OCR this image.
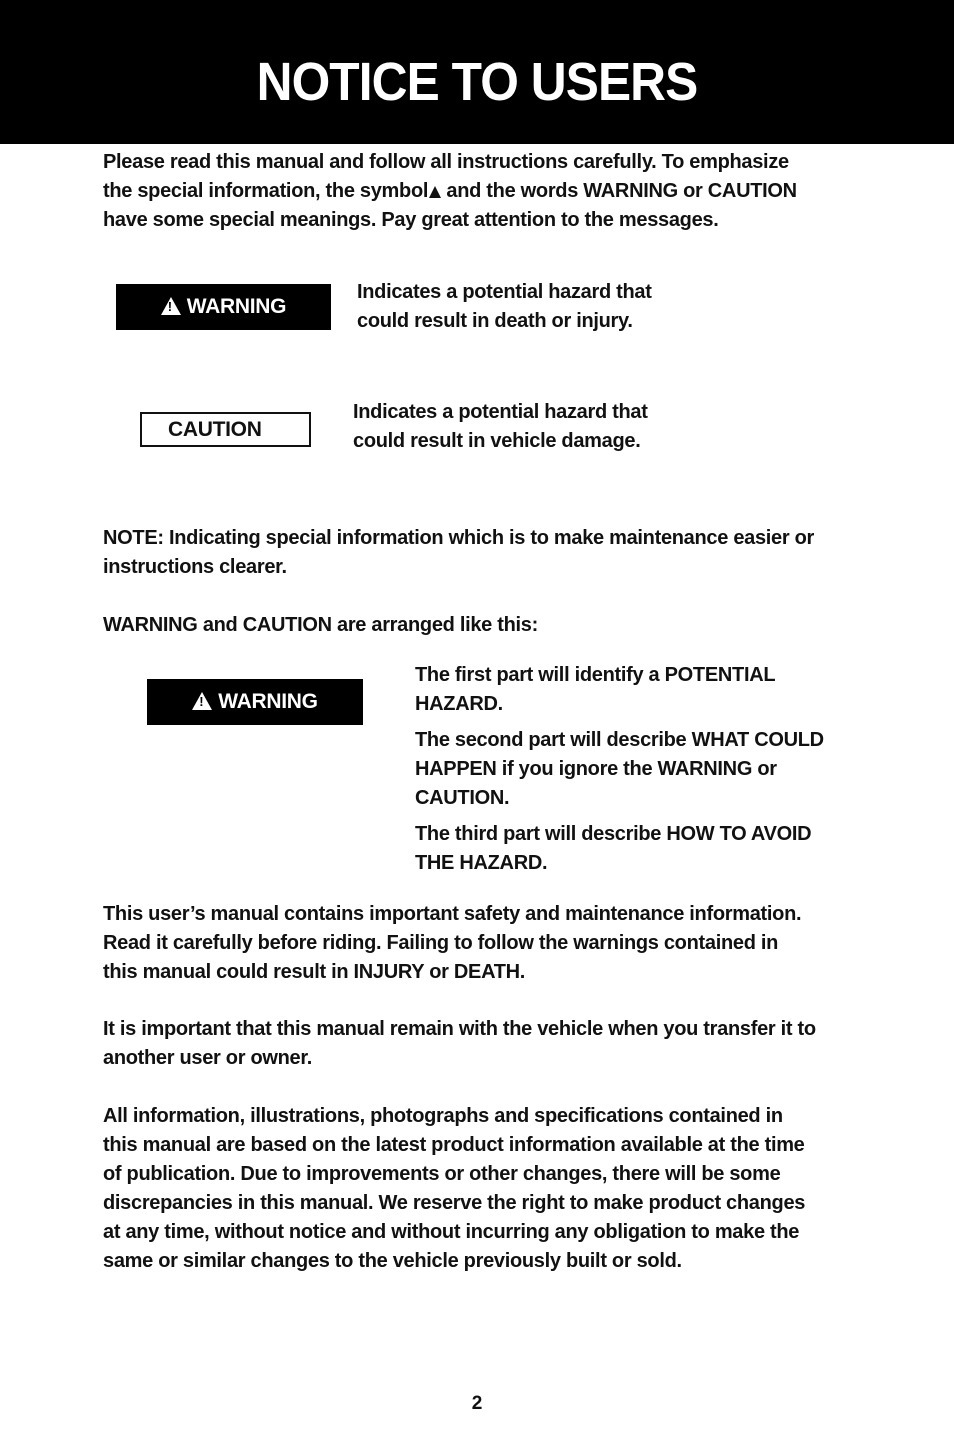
NOTICE TO USERS
Please read this manual and follow all instructions carefully. To emphasize
the special information, the symbol and the words WARNING or CAUTION
have some special meanings. Pay great attention to the messages.
!WARNING
Indicates a potential hazard that
could result in death or injury.
CAUTION
Indicates a potential hazard that
could result in vehicle damage.
NOTE: Indicating special information which is to make maintenance easier or
instructions clearer.
WARNING and CAUTION are arranged like this:
!WARNING
The first part will identify a POTENTIAL
HAZARD.
The second part will describe WHAT COULD
HAPPEN if you ignore the WARNING or
CAUTION.
The third part will describe HOW TO AVOID
THE HAZARD.
This user’s manual contains important safety and maintenance information.
Read it carefully before riding. Failing to follow the warnings contained in
this manual could result in INJURY or DEATH.
It is important that this manual remain with the vehicle when you transfer it to
another user or owner.
All information, illustrations, photographs and specifications contained in
this manual are based on the latest product information available at the time
of publication. Due to improvements or other changes, there will be some
discrepancies in this manual. We reserve the right to make product changes
at any time, without notice and without incurring any obligation to make the
same or similar changes to the vehicle previously built or sold.
2
